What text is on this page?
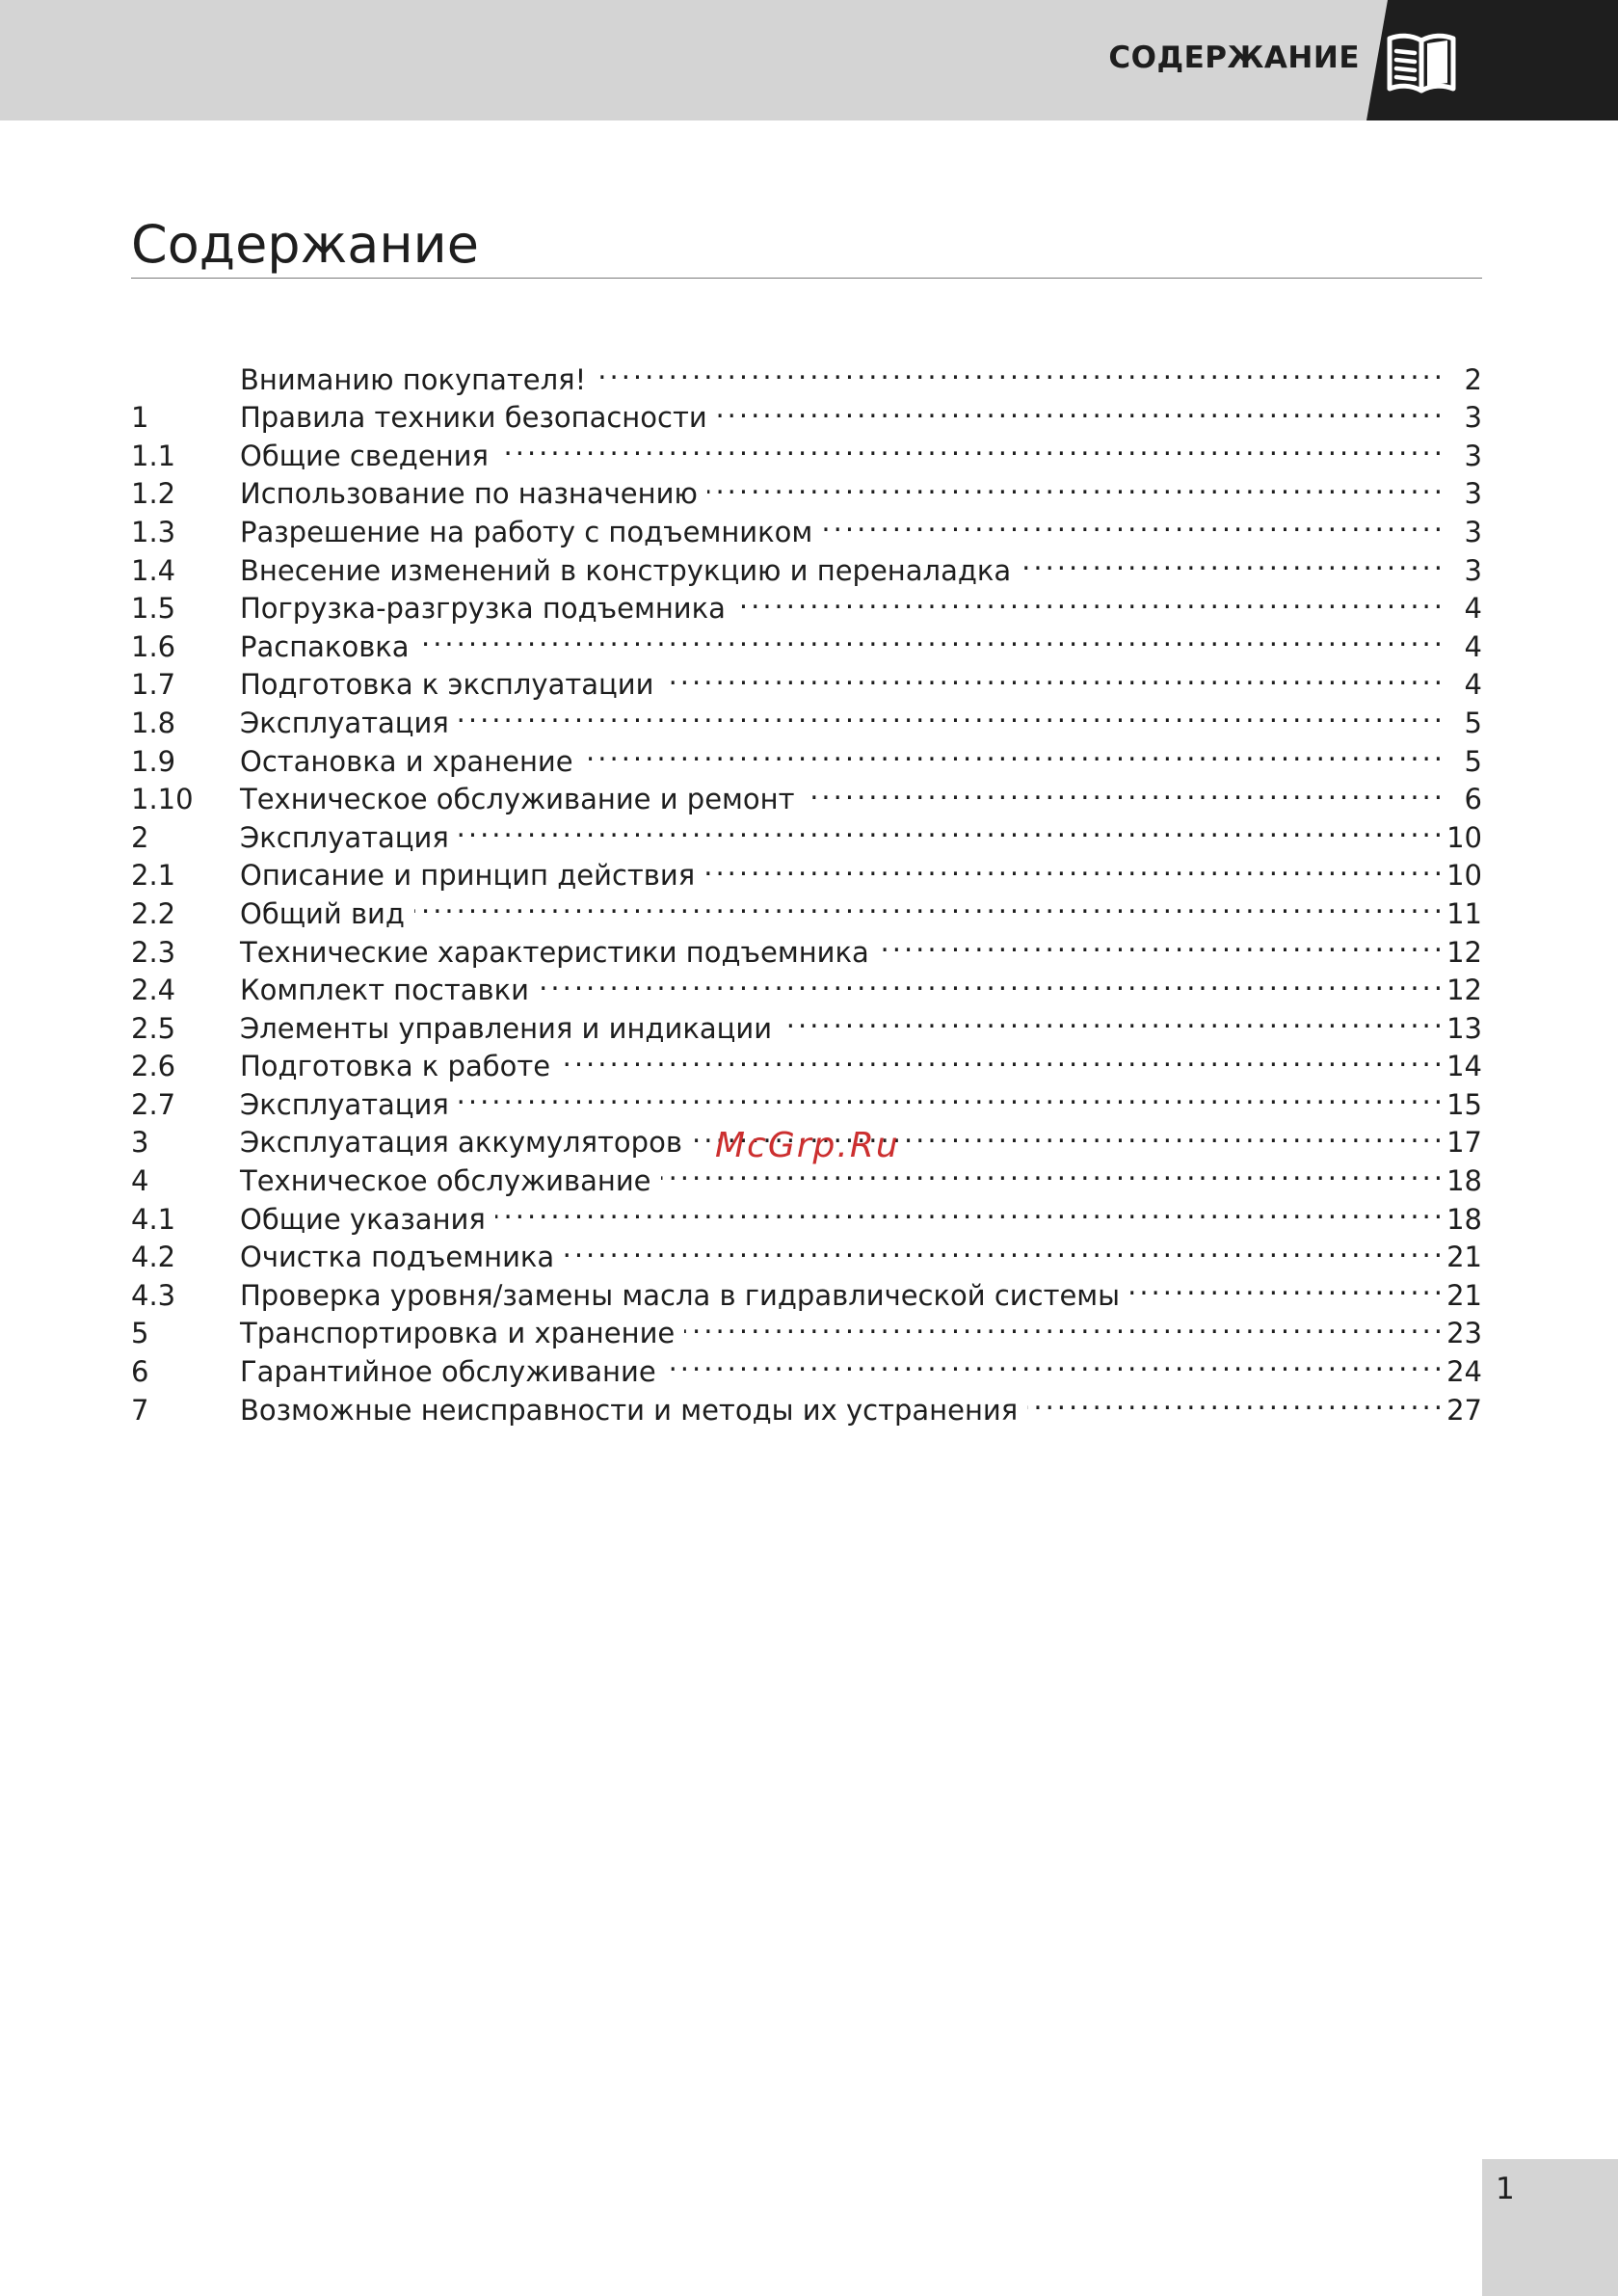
СОДЕРЖАНИЕ
Содержание
Вниманию покупателя! .....	2
1	Правила техники безопасности .....	3
1.1	Общие сведения .....	3
1.2	Использование по назначению .....	3
1.3	Разрешение на работу с подъемником .....	3
1.4	Внесение изменений в конструкцию и переналадка .....	3
1.5	Погрузка-разгрузка подъемника .....	4
1.6	Распаковка .....	4
1.7	Подготовка к эксплуатации .....	4
1.8	Эксплуатация .....	5
1.9	Остановка и хранение .....	5
1.10	Техническое обслуживание и ремонт .....	6
2	Эксплуатация .....	10
2.1	Описание и принцип действия .....	10
2.2	Общий вид .....	11
2.3	Технические характеристики подъемника .....	12
2.4	Комплект поставки .....	12
2.5	Элементы управления и индикации .....	13
2.6	Подготовка к работе .....	14
2.7	Эксплуатация .....	15
3	Эксплуатация аккумуляторов .....	17
4	Техническое обслуживание .....	18
4.1	Общие указания .....	18
4.2	Очистка подъемника .....	21
4.3	Проверка уровня/замены масла в гидравлической системы .....	21
5	Транспортировка и хранение .....	23
6	Гарантийное обслуживание .....	24
7	Возможные неисправности и методы их устранения .....	27
McGrp.Ru
1
